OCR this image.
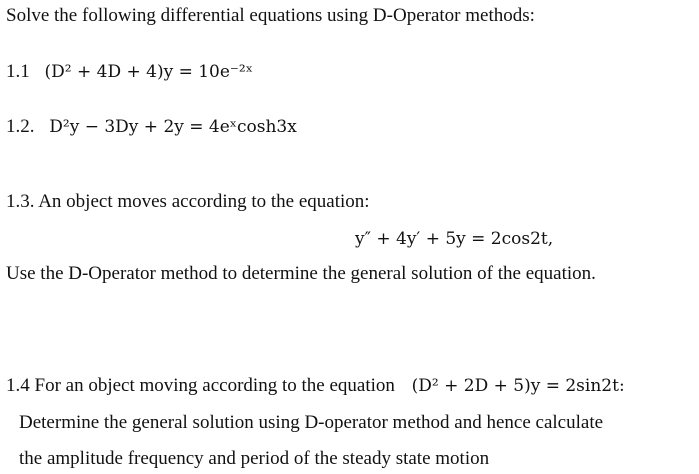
Solve the following differential equations using D-Operator methods:
1.1 (D² + 4D + 4)y = 10e⁻²ˣ
1.2. D²y − 3Dy + 2y = 4eˣcosh3x
1.3. An object moves according to the equation:
y″ + 4y′ + 5y = 2cos2t,
Use the D-Operator method to determine the general solution of the equation.
1.4 For an object moving according to the equation (D² + 2D + 5)y = 2sin2t:
Determine the general solution using D-operator method and hence calculate
the amplitude frequency and period of the steady state motion
